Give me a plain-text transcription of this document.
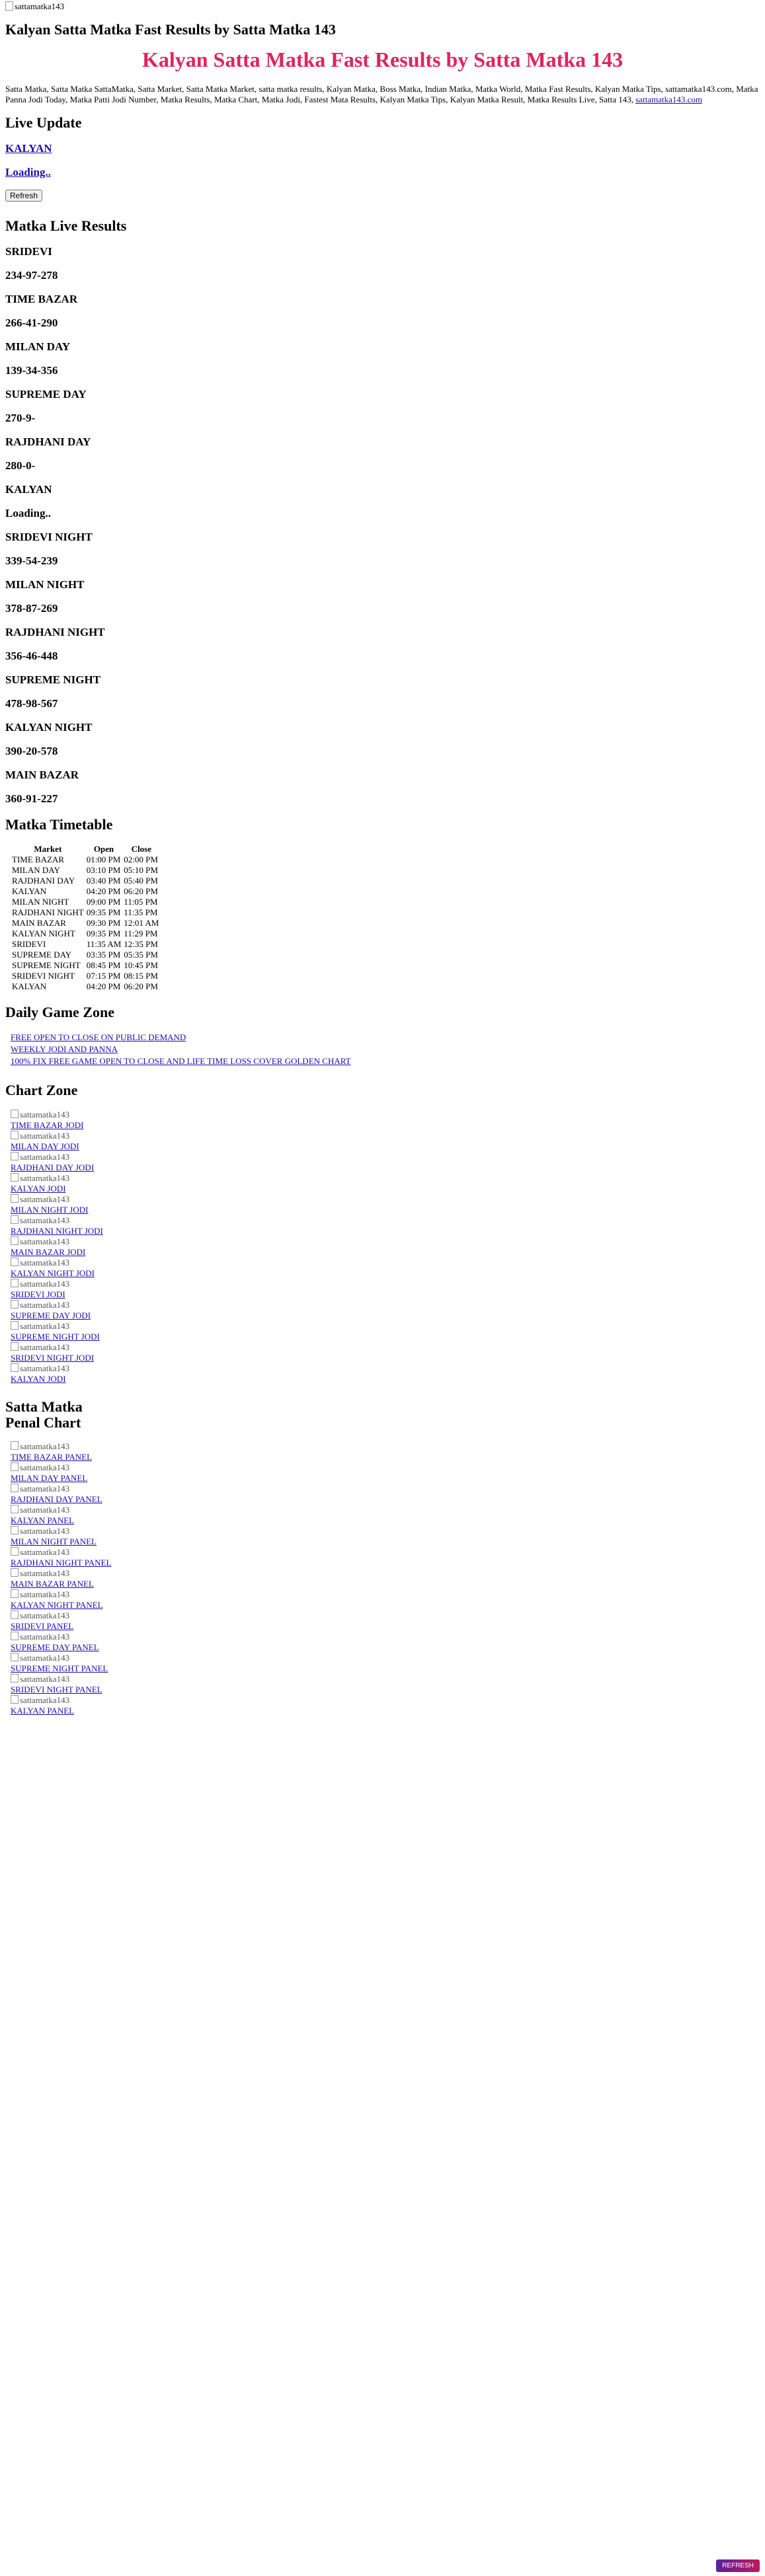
sattamatka143
Kalyan Satta Matka Fast Results by Satta Matka 143
Kalyan Satta Matka Fast Results by Satta Matka 143

Satta Matka, Satta Matka SattaMatka, Satta Market, Satta Matka Market, satta matka results, Kalyan Matka, Boss Matka, Indian Matka, Matka World, Matka Fast Results, Kalyan Matka Tips, sattamatka143.com, Matka Panna Jodi Today, Matka Patti Jodi Number, Matka Results, Matka Chart, Matka Jodi, Fastest Mata Results, Kalyan Matka Tips, Kalyan Matka Result, Matka Results Live, Satta 143, sattamatka143.com

Live Update
KALYAN
Loading..
Refresh
Matka Live Results
SRIDEVI
234-97-278
TIME BAZAR
266-41-290
MILAN DAY
139-34-356
SUPREME DAY
270-9-
RAJDHANI DAY
280-0-
KALYAN
Loading..
SRIDEVI NIGHT
339-54-239
MILAN NIGHT
378-87-269
RAJDHANI NIGHT
356-46-448
SUPREME NIGHT
478-98-567
KALYAN NIGHT
390-20-578
MAIN BAZAR
360-91-227
Matka Timetable
Market	Open	Close
TIME BAZAR	01:00 PM	02:00 PM
MILAN DAY	03:10 PM	05:10 PM
RAJDHANI DAY	03:40 PM	05:40 PM
KALYAN	04:20 PM	06:20 PM
MILAN NIGHT	09:00 PM	11:05 PM
RAJDHANI NIGHT	09:35 PM	11:35 PM
MAIN BAZAR	09:30 PM	12:01 AM
KALYAN NIGHT	09:35 PM	11:29 PM
SRIDEVI	11:35 AM	12:35 PM
SUPREME DAY	03:35 PM	05:35 PM
SUPREME NIGHT	08:45 PM	10:45 PM
SRIDEVI NIGHT	07:15 PM	08:15 PM
KALYAN	04:20 PM	06:20 PM
Daily Game Zone
FREE OPEN TO CLOSE ON PUBLIC DEMAND
WEEKLY JODI AND PANNA
100% FIX FREE GAME OPEN TO CLOSE AND LIFE TIME LOSS COVER GOLDEN CHART
Chart Zone
sattamatka143
TIME BAZAR JODI
sattamatka143
MILAN DAY JODI
sattamatka143
RAJDHANI DAY JODI
sattamatka143
KALYAN JODI
sattamatka143
MILAN NIGHT JODI
sattamatka143
RAJDHANI NIGHT JODI
sattamatka143
MAIN BAZAR JODI
sattamatka143
KALYAN NIGHT JODI
sattamatka143
SRIDEVI JODI
sattamatka143
SUPREME DAY JODI
sattamatka143
SUPREME NIGHT JODI
sattamatka143
SRIDEVI NIGHT JODI
sattamatka143
KALYAN JODI
Satta Matka
Penal Chart
sattamatka143
TIME BAZAR PANEL
sattamatka143
MILAN DAY PANEL
sattamatka143
RAJDHANI DAY PANEL
sattamatka143
KALYAN PANEL
sattamatka143
MILAN NIGHT PANEL
sattamatka143
RAJDHANI NIGHT PANEL
sattamatka143
MAIN BAZAR PANEL
sattamatka143
KALYAN NIGHT PANEL
sattamatka143
SRIDEVI PANEL
sattamatka143
SUPREME DAY PANEL
sattamatka143
SUPREME NIGHT PANEL
sattamatka143
SRIDEVI NIGHT PANEL
sattamatka143
KALYAN PANEL
REFRESH
